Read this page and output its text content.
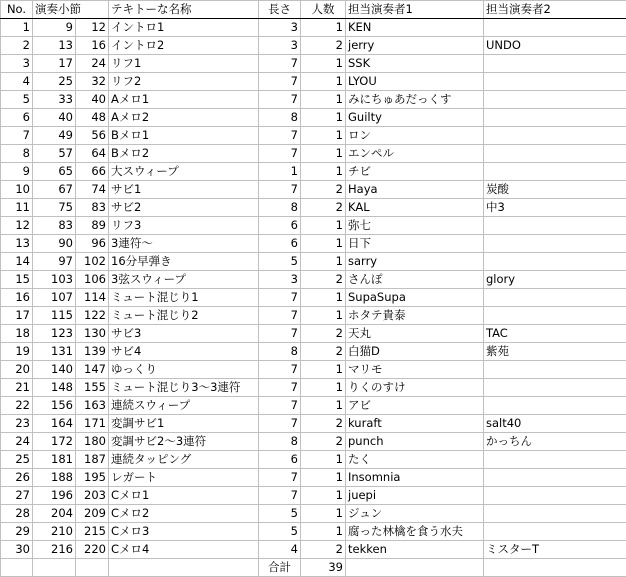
No.	演奏小節		テキトーな名称	長さ	人数	担当演奏者1	担当演奏者2
1	9	12	イントロ1	3	1	KEN	
2	13	16	イントロ2	3	2	jerry	UNDO
3	17	24	リフ1	7	1	SSK	
4	25	32	リフ2	7	1	LYOU	
5	33	40	Aメロ1	7	1	みにちゅあだっくす	
6	40	48	Aメロ2	8	1	Guilty	
7	49	56	Bメロ1	7	1	ロン	
8	57	64	Bメロ2	7	1	エンペル	
9	65	66	大スウィープ	1	1	チビ	
10	67	74	サビ1	7	2	Haya	炭酸
11	75	83	サビ2	8	2	KAL	中3
12	83	89	リフ3	6	1	弥七	
13	90	96	3連符～	6	1	日下	
14	97	102	16分早弾き	5	1	sarry	
15	103	106	3弦スウィープ	3	2	さんぽ	glory
16	107	114	ミュート混じり1	7	1	SupaSupa	
17	115	122	ミュート混じり2	7	1	ホタテ貴泰	
18	123	130	サビ3	7	2	天丸	TAC
19	131	139	サビ4	8	2	白猫D	紫苑
20	140	147	ゆっくり	7	1	マリモ	
21	148	155	ミュート混じり3～3連符	7	1	りくのすけ	
22	156	163	連続スウィープ	7	1	アビ	
23	164	171	変調サビ1	7	2	kuraft	salt40
24	172	180	変調サビ2～3連符	8	2	punch	かっちん
25	181	187	連続タッピング	6	1	たく	
26	188	195	レガート	7	1	Insomnia	
27	196	203	Cメロ1	7	1	juepi	
28	204	209	Cメロ2	5	1	ジュン	
29	210	215	Cメロ3	5	1	腐った林檎を食う水夫	
30	216	220	Cメロ4	4	2	tekken	ミスターT
				合計	39		
